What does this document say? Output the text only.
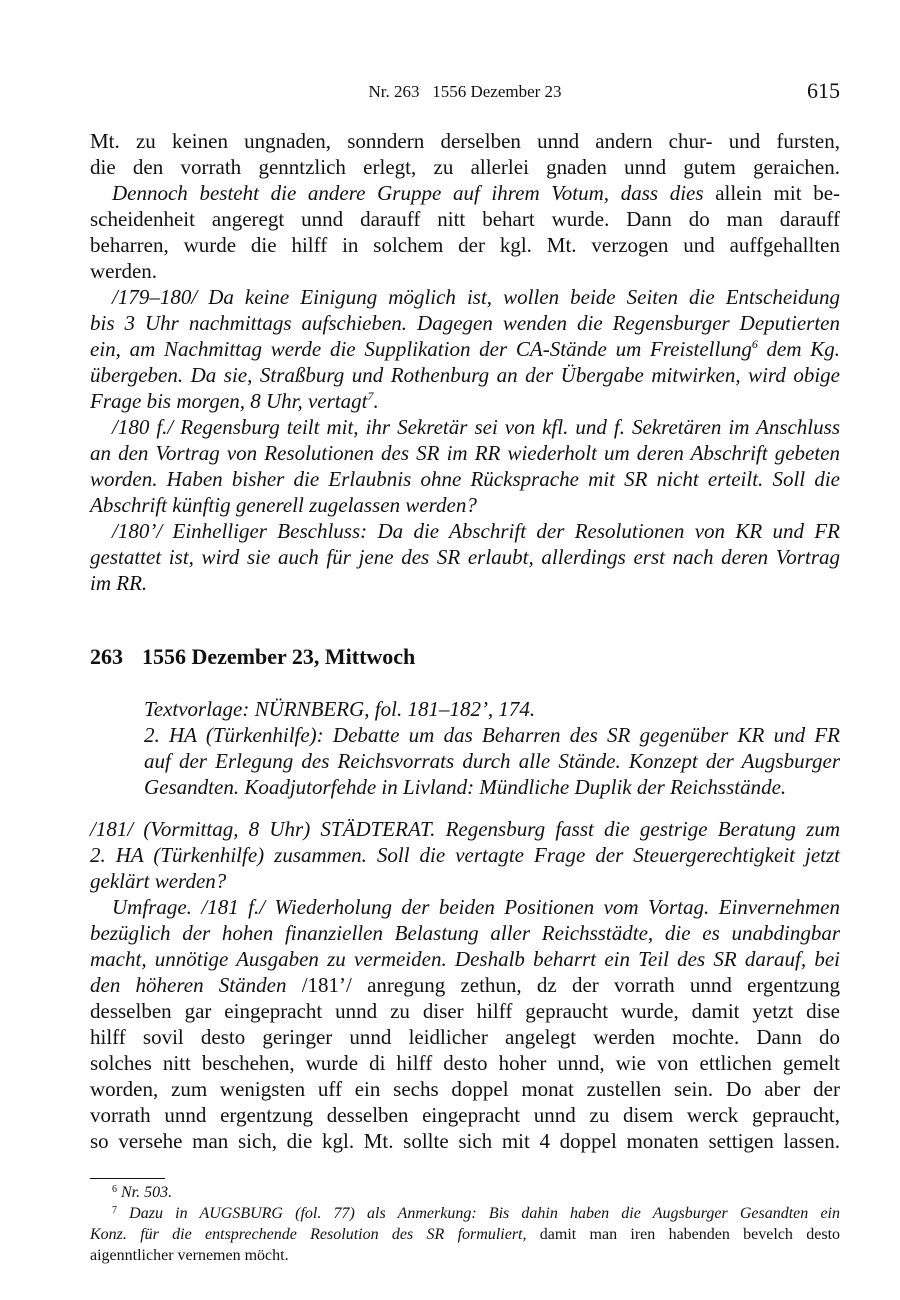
Nr. 263   1556 Dezember 23	615
Mt. zu keinen ungnaden, sonndern derselben unnd andern chur- und fursten,
die den vorrath genntzlich erlegt, zu allerlei gnaden unnd gutem geraichen.
Dennoch besteht die andere Gruppe auf ihrem Votum, dass dies allein mit be-
scheidenheit angeregt unnd darauff nitt behart wurde. Dann do man darauff
beharren, wurde die hilff in solchem der kgl. Mt. verzogen und auffgehallten
werden.
/179–180/ Da keine Einigung möglich ist, wollen beide Seiten die Entscheidung
bis 3 Uhr nachmittags aufschieben. Dagegen wenden die Regensburger Deputierten
ein, am Nachmittag werde die Supplikation der CA-Stände um Freistellung$^6$ dem Kg.
übergeben. Da sie, Straßburg und Rothenburg an der Übergabe mitwirken, wird obige
Frage bis morgen, 8 Uhr, vertagt$^7$.
/180 f./ Regensburg teilt mit, ihr Sekretär sei von kfl. und f. Sekretären im Anschluss
an den Vortrag von Resolutionen des SR im RR wiederholt um deren Abschrift gebeten
worden. Haben bisher die Erlaubnis ohne Rücksprache mit SR nicht erteilt. Soll die
Abschrift künftig generell zugelassen werden?
/180’/ Einhelliger Beschluss: Da die Abschrift der Resolutionen von KR und FR
gestattet ist, wird sie auch für jene des SR erlaubt, allerdings erst nach deren Vortrag
im RR.
263 1556 Dezember 23, Mittwoch
Textvorlage: NÜRNBERG, fol. 181–182’, 174.
2. HA (Türkenhilfe): Debatte um das Beharren des SR gegenüber KR und FR
auf der Erlegung des Reichsvorrats durch alle Stände. Konzept der Augsburger
Gesandten. Koadjutorfehde in Livland: Mündliche Duplik der Reichsstände.
/181/ (Vormittag, 8 Uhr) STÄDTERAT. Regensburg fasst die gestrige Beratung zum
2. HA (Türkenhilfe) zusammen. Soll die vertagte Frage der Steuergerechtigkeit jetzt
geklärt werden?
Umfrage. /181 f./ Wiederholung der beiden Positionen vom Vortag. Einvernehmen
bezüglich der hohen finanziellen Belastung aller Reichsstädte, die es unabdingbar
macht, unnötige Ausgaben zu vermeiden. Deshalb beharrt ein Teil des SR darauf, bei
den höheren Ständen /181’/ anregung zethun, dz der vorrath unnd ergentzung
desselben gar eingepracht unnd zu diser hilff gepraucht wurde, damit yetzt dise
hilff sovil desto geringer unnd leidlicher angelegt werden mochte. Dann do
solches nitt beschehen, wurde di hilff desto hoher unnd, wie von ettlichen gemelt
worden, zum wenigsten uff ein sechs doppel monat zustellen sein. Do aber der
vorrath unnd ergentzung desselben eingepracht unnd zu disem werck gepraucht,
so versehe man sich, die kgl. Mt. sollte sich mit 4 doppel monaten settigen lassen.
$^6$ Nr. 503.
$^7$ Dazu in AUGSBURG (fol. 77) als Anmerkung: Bis dahin haben die Augsburger Gesandten ein
Konz. für die entsprechende Resolution des SR formuliert, damit man iren habenden bevelch desto
aigenntlicher vernemen möcht.
